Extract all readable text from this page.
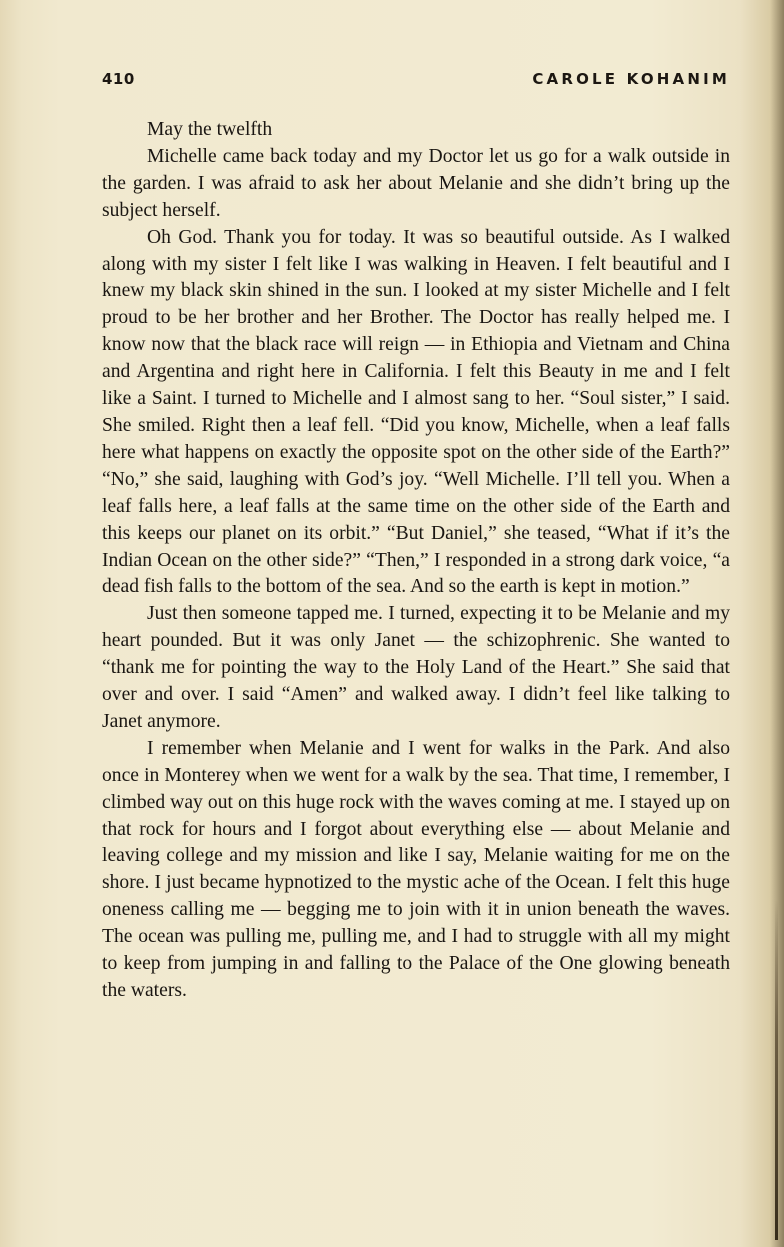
410	CAROLE KOHANIM

May the twelfth

Michelle came back today and my Doctor let us go for a walk outside in the garden. I was afraid to ask her about Melanie and she didn’t bring up the subject herself.

Oh God. Thank you for today. It was so beautiful outside. As I walked along with my sister I felt like I was walking in Heaven. I felt beautiful and I knew my black skin shined in the sun. I looked at my sister Michelle and I felt proud to be her brother and her Brother. The Doctor has really helped me. I know now that the black race will reign — in Ethiopia and Vietnam and China and Argentina and right here in California. I felt this Beauty in me and I felt like a Saint. I turned to Michelle and I almost sang to her. “Soul sister,” I said. She smiled. Right then a leaf fell. “Did you know, Michelle, when a leaf falls here what happens on exactly the opposite spot on the other side of the Earth?” “No,” she said, laughing with God’s joy. “Well Michelle. I’ll tell you. When a leaf falls here, a leaf falls at the same time on the other side of the Earth and this keeps our planet on its orbit.” “But Daniel,” she teased, “What if it’s the Indian Ocean on the other side?” “Then,” I responded in a strong dark voice, “a dead fish falls to the bottom of the sea. And so the earth is kept in motion.”

Just then someone tapped me. I turned, expecting it to be Melanie and my heart pounded. But it was only Janet — the schizophrenic. She wanted to “thank me for pointing the way to the Holy Land of the Heart.” She said that over and over. I said “Amen” and walked away. I didn’t feel like talking to Janet anymore.

I remember when Melanie and I went for walks in the Park. And also once in Monterey when we went for a walk by the sea. That time, I remember, I climbed way out on this huge rock with the waves coming at me. I stayed up on that rock for hours and I forgot about everything else — about Melanie and leaving college and my mission and like I say, Melanie waiting for me on the shore. I just became hypnotized to the mystic ache of the Ocean. I felt this huge oneness calling me — begging me to join with it in union beneath the waves. The ocean was pulling me, pulling me, and I had to struggle with all my might to keep from jumping in and falling to the Palace of the One glowing beneath the waters.
